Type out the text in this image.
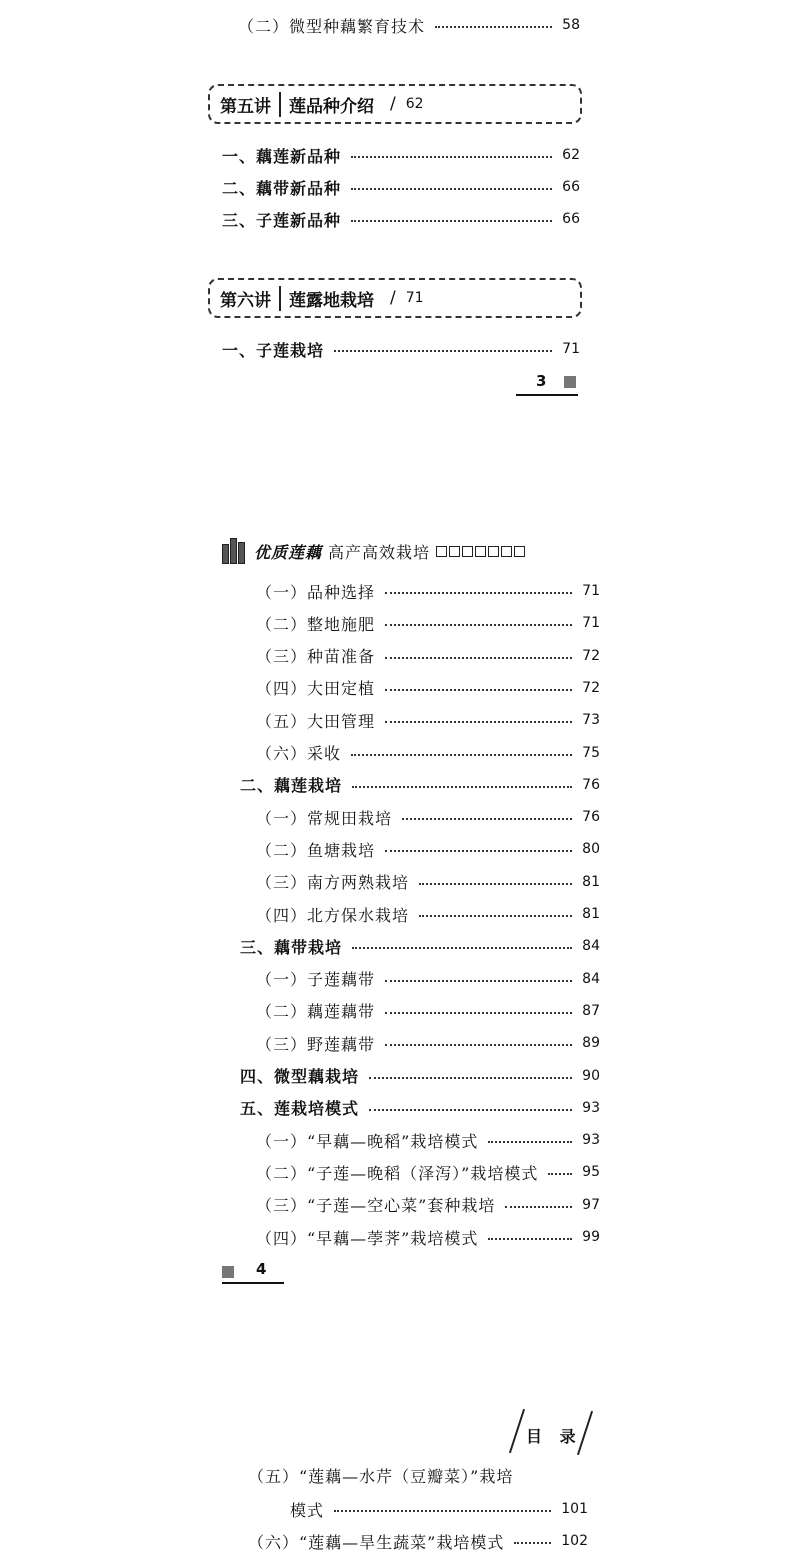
（二）微型种藕繁育技术	58
第五讲	莲品种介绍 / 62
一、藕莲新品种	62
二、藕带新品种	66
三、子莲新品种	66
第六讲	莲露地栽培 / 71
一、子莲栽培	71
3
优质莲藕 高产高效栽培
（一）品种选择	71
（二）整地施肥	71
（三）种苗准备	72
（四）大田定植	72
（五）大田管理	73
（六）采收	75
二、藕莲栽培	76
（一）常规田栽培	76
（二）鱼塘栽培	80
（三）南方两熟栽培	81
（四）北方保水栽培	81
三、藕带栽培	84
（一）子莲藕带	84
（二）藕莲藕带	87
（三）野莲藕带	89
四、微型藕栽培	90
五、莲栽培模式	93
（一）“早藕—晚稻”栽培模式	93
（二）“子莲—晚稻（泽泻）”栽培模式	95
（三）“子莲—空心菜”套种栽培	97
（四）“早藕—荸荠”栽培模式	99
4
目 录
（五）“莲藕—水芹（豆瓣菜）”栽培
模式	101
（六）“莲藕—旱生蔬菜”栽培模式	102
